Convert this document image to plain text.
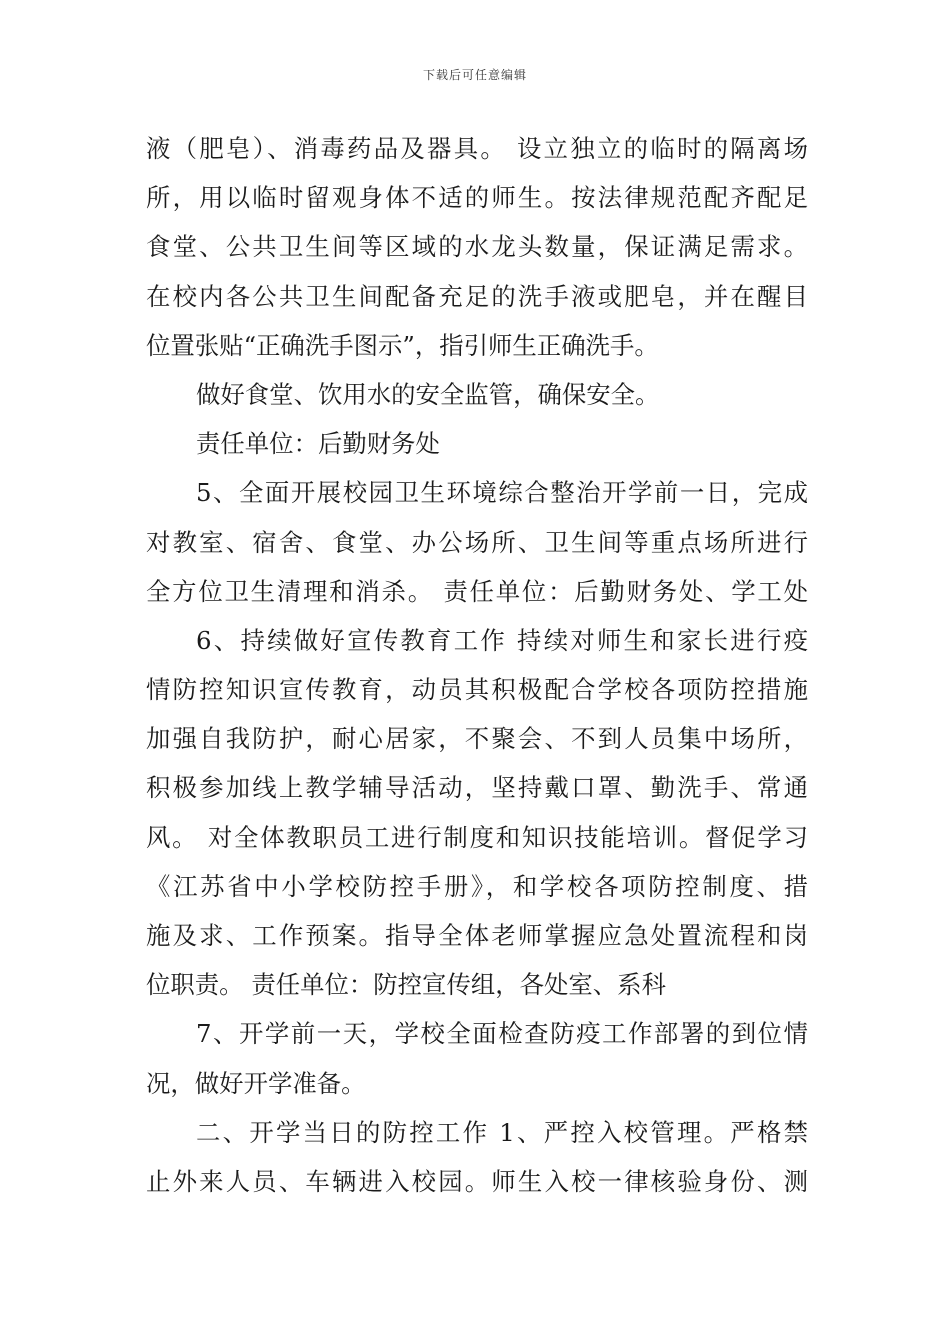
下载后可任意编辑
液（肥皂）、消毒药品及器具。 设立独立的临时的隔离场
所，用以临时留观身体不适的师生。按法律规范配齐配足
食堂、公共卫生间等区域的水龙头数量，保证满足需求。
在校内各公共卫生间配备充足的洗手液或肥皂，并在醒目
位置张贴“正确洗手图示”，指引师生正确洗手。
做好食堂、饮用水的安全监管，确保安全。
责任单位：后勤财务处
5、全面开展校园卫生环境综合整治开学前一日，完成
对教室、宿舍、食堂、办公场所、卫生间等重点场所进行
全方位卫生清理和消杀。 责任单位：后勤财务处、学工处
6、持续做好宣传教育工作 持续对师生和家长进行疫
情防控知识宣传教育，动员其积极配合学校各项防控措施
加强自我防护，耐心居家，不聚会、不到人员集中场所，
积极参加线上教学辅导活动，坚持戴口罩、勤洗手、常通
风。 对全体教职员工进行制度和知识技能培训。督促学习
《江苏省中小学校防控手册》，和学校各项防控制度、措
施及求、工作预案。指导全体老师掌握应急处置流程和岗
位职责。 责任单位：防控宣传组，各处室、系科
7、开学前一天，学校全面检查防疫工作部署的到位情
况，做好开学准备。
二、开学当日的防控工作 1、严控入校管理。严格禁
止外来人员、车辆进入校园。师生入校一律核验身份、测
